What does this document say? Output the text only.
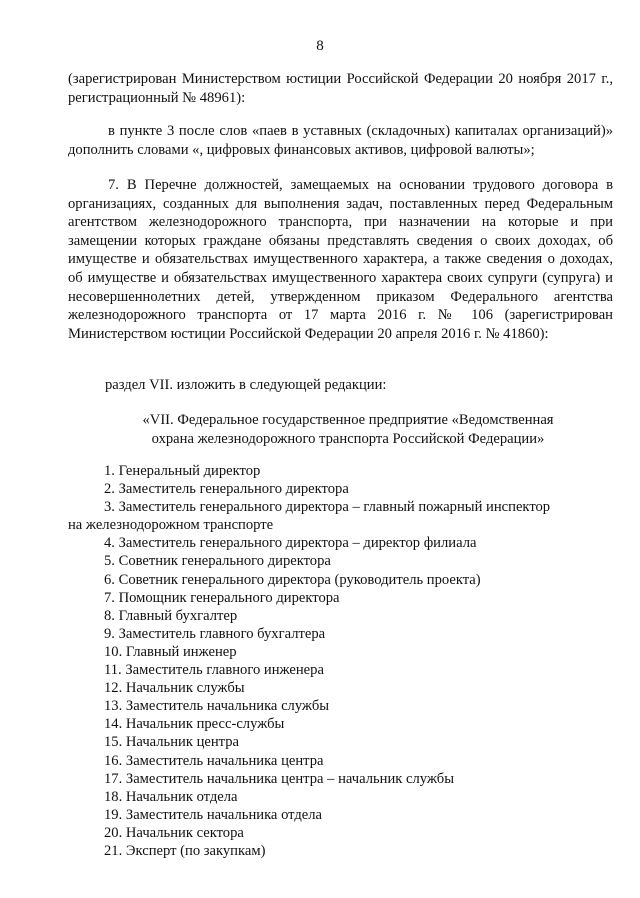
8
(зарегистрирован Министерством юстиции Российской Федерации 20 ноября 2017 г., регистрационный № 48961):
в пункте 3 после слов «паев в уставных (складочных) капиталах организаций)» дополнить словами «, цифровых финансовых активов, цифровой валюты»;
7. В Перечне должностей, замещаемых на основании трудового договора в организациях, созданных для выполнения задач, поставленных перед Федеральным агентством железнодорожного транспорта, при назначении на которые и при замещении которых граждане обязаны представлять сведения о своих доходах, об имуществе и обязательствах имущественного характера, а также сведения о доходах, об имуществе и обязательствах имущественного характера своих супруги (супруга) и несовершеннолетних детей, утвержденном приказом Федерального агентства железнодорожного транспорта от 17 марта 2016 г. № 106 (зарегистрирован Министерством юстиции Российской Федерации 20 апреля 2016 г. № 41860):
раздел VII. изложить в следующей редакции:
«VII. Федеральное государственное предприятие «Ведомственная
охрана железнодорожного транспорта Российской Федерации»
1. Генеральный директор
2. Заместитель генерального директора
3. Заместитель генерального директора – главный пожарный инспектор
на железнодорожном транспорте
4. Заместитель генерального директора – директор филиала
5. Советник генерального директора
6. Советник генерального директора (руководитель проекта)
7. Помощник генерального директора
8. Главный бухгалтер
9. Заместитель главного бухгалтера
10. Главный инженер
11. Заместитель главного инженера
12. Начальник службы
13. Заместитель начальника службы
14. Начальник пресс-службы
15. Начальник центра
16. Заместитель начальника центра
17. Заместитель начальника центра – начальник службы
18. Начальник отдела
19. Заместитель начальника отдела
20. Начальник сектора
21. Эксперт (по закупкам)
